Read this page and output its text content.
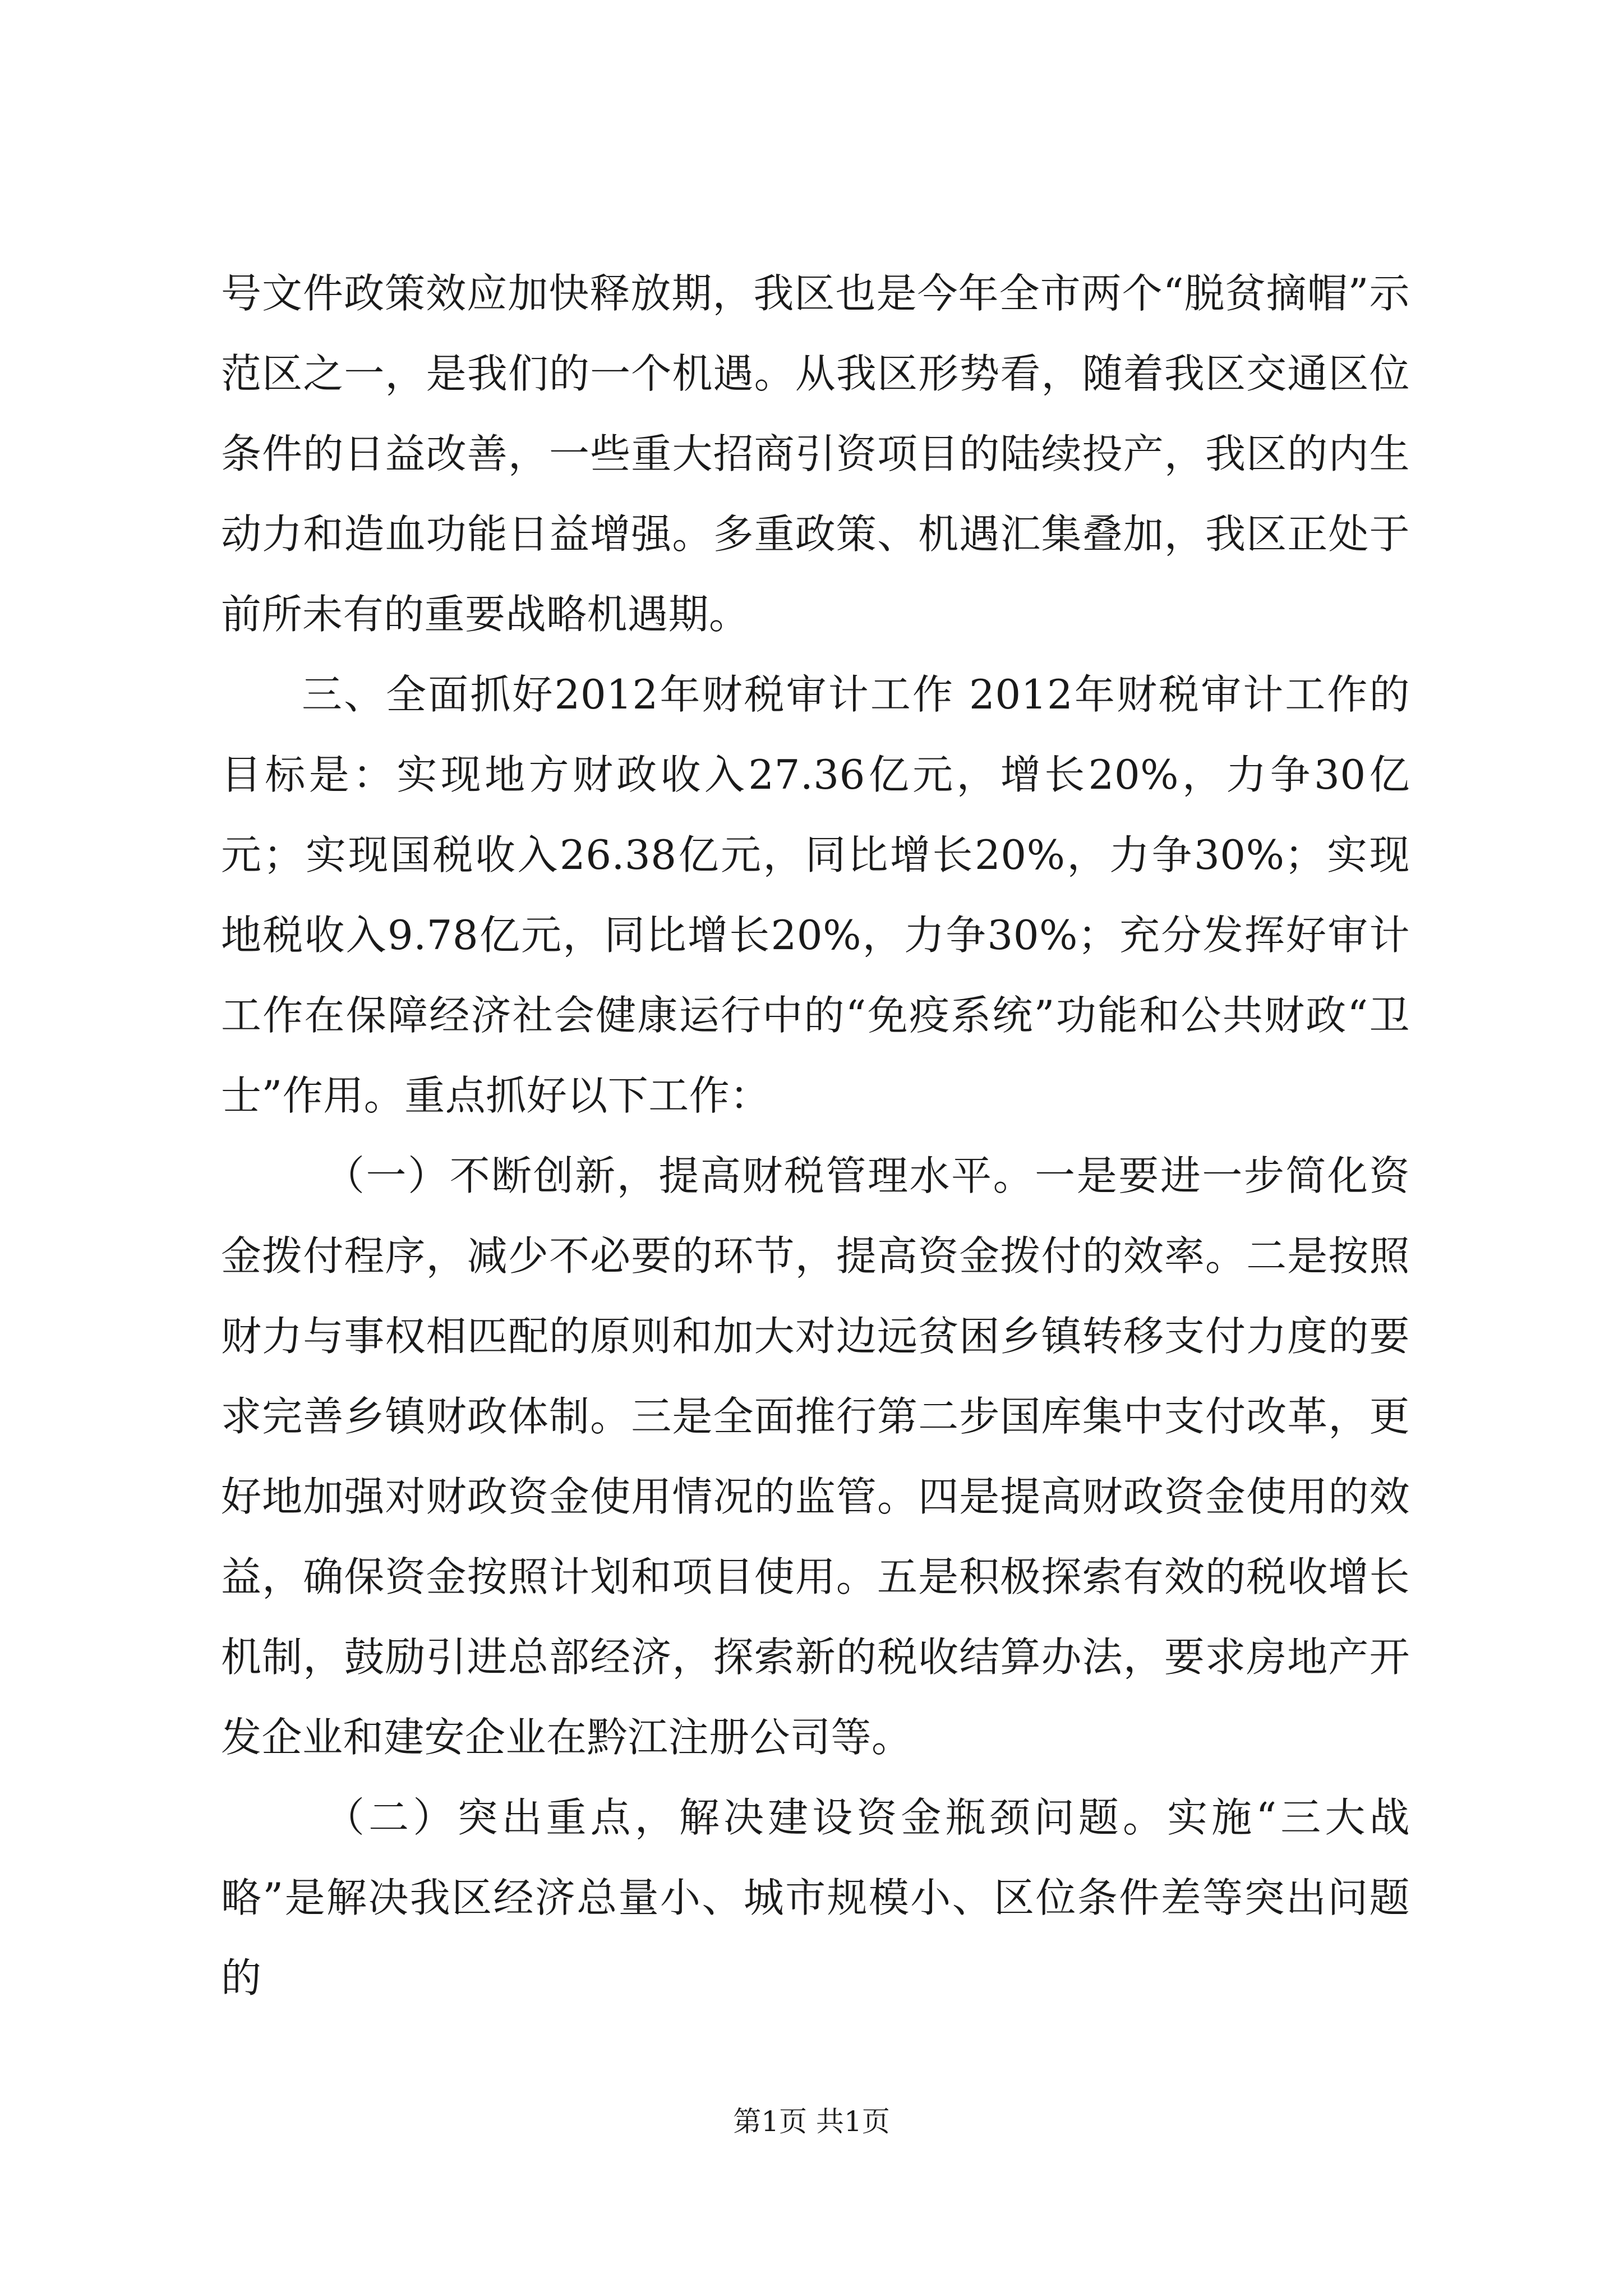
号文件政策效应加快释放期，我区也是今年全市两个“脱贫摘帽”示范区之一，是我们的一个机遇。从我区形势看，随着我区交通区位条件的日益改善，一些重大招商引资项目的陆续投产，我区的内生动力和造血功能日益增强。多重政策、机遇汇集叠加，我区正处于前所未有的重要战略机遇期。

三、全面抓好2012年财税审计工作 2012年财税审计工作的目标是：实现地方财政收入27.36亿元，增长20%，力争30亿元；实现国税收入26.38亿元，同比增长20%，力争30%；实现地税收入9.78亿元，同比增长20%，力争30%；充分发挥好审计工作在保障经济社会健康运行中的“免疫系统”功能和公共财政“卫士”作用。重点抓好以下工作：

（一）不断创新，提高财税管理水平。一是要进一步简化资金拨付程序，减少不必要的环节，提高资金拨付的效率。二是按照财力与事权相匹配的原则和加大对边远贫困乡镇转移支付力度的要求完善乡镇财政体制。三是全面推行第二步国库集中支付改革，更好地加强对财政资金使用情况的监管。四是提高财政资金使用的效益，确保资金按照计划和项目使用。五是积极探索有效的税收增长机制，鼓励引进总部经济，探索新的税收结算办法，要求房地产开发企业和建安企业在黔江注册公司等。

（二）突出重点，解决建设资金瓶颈问题。实施“三大战略”是解决我区经济总量小、城市规模小、区位条件差等突出问题的

第1页 共1页
